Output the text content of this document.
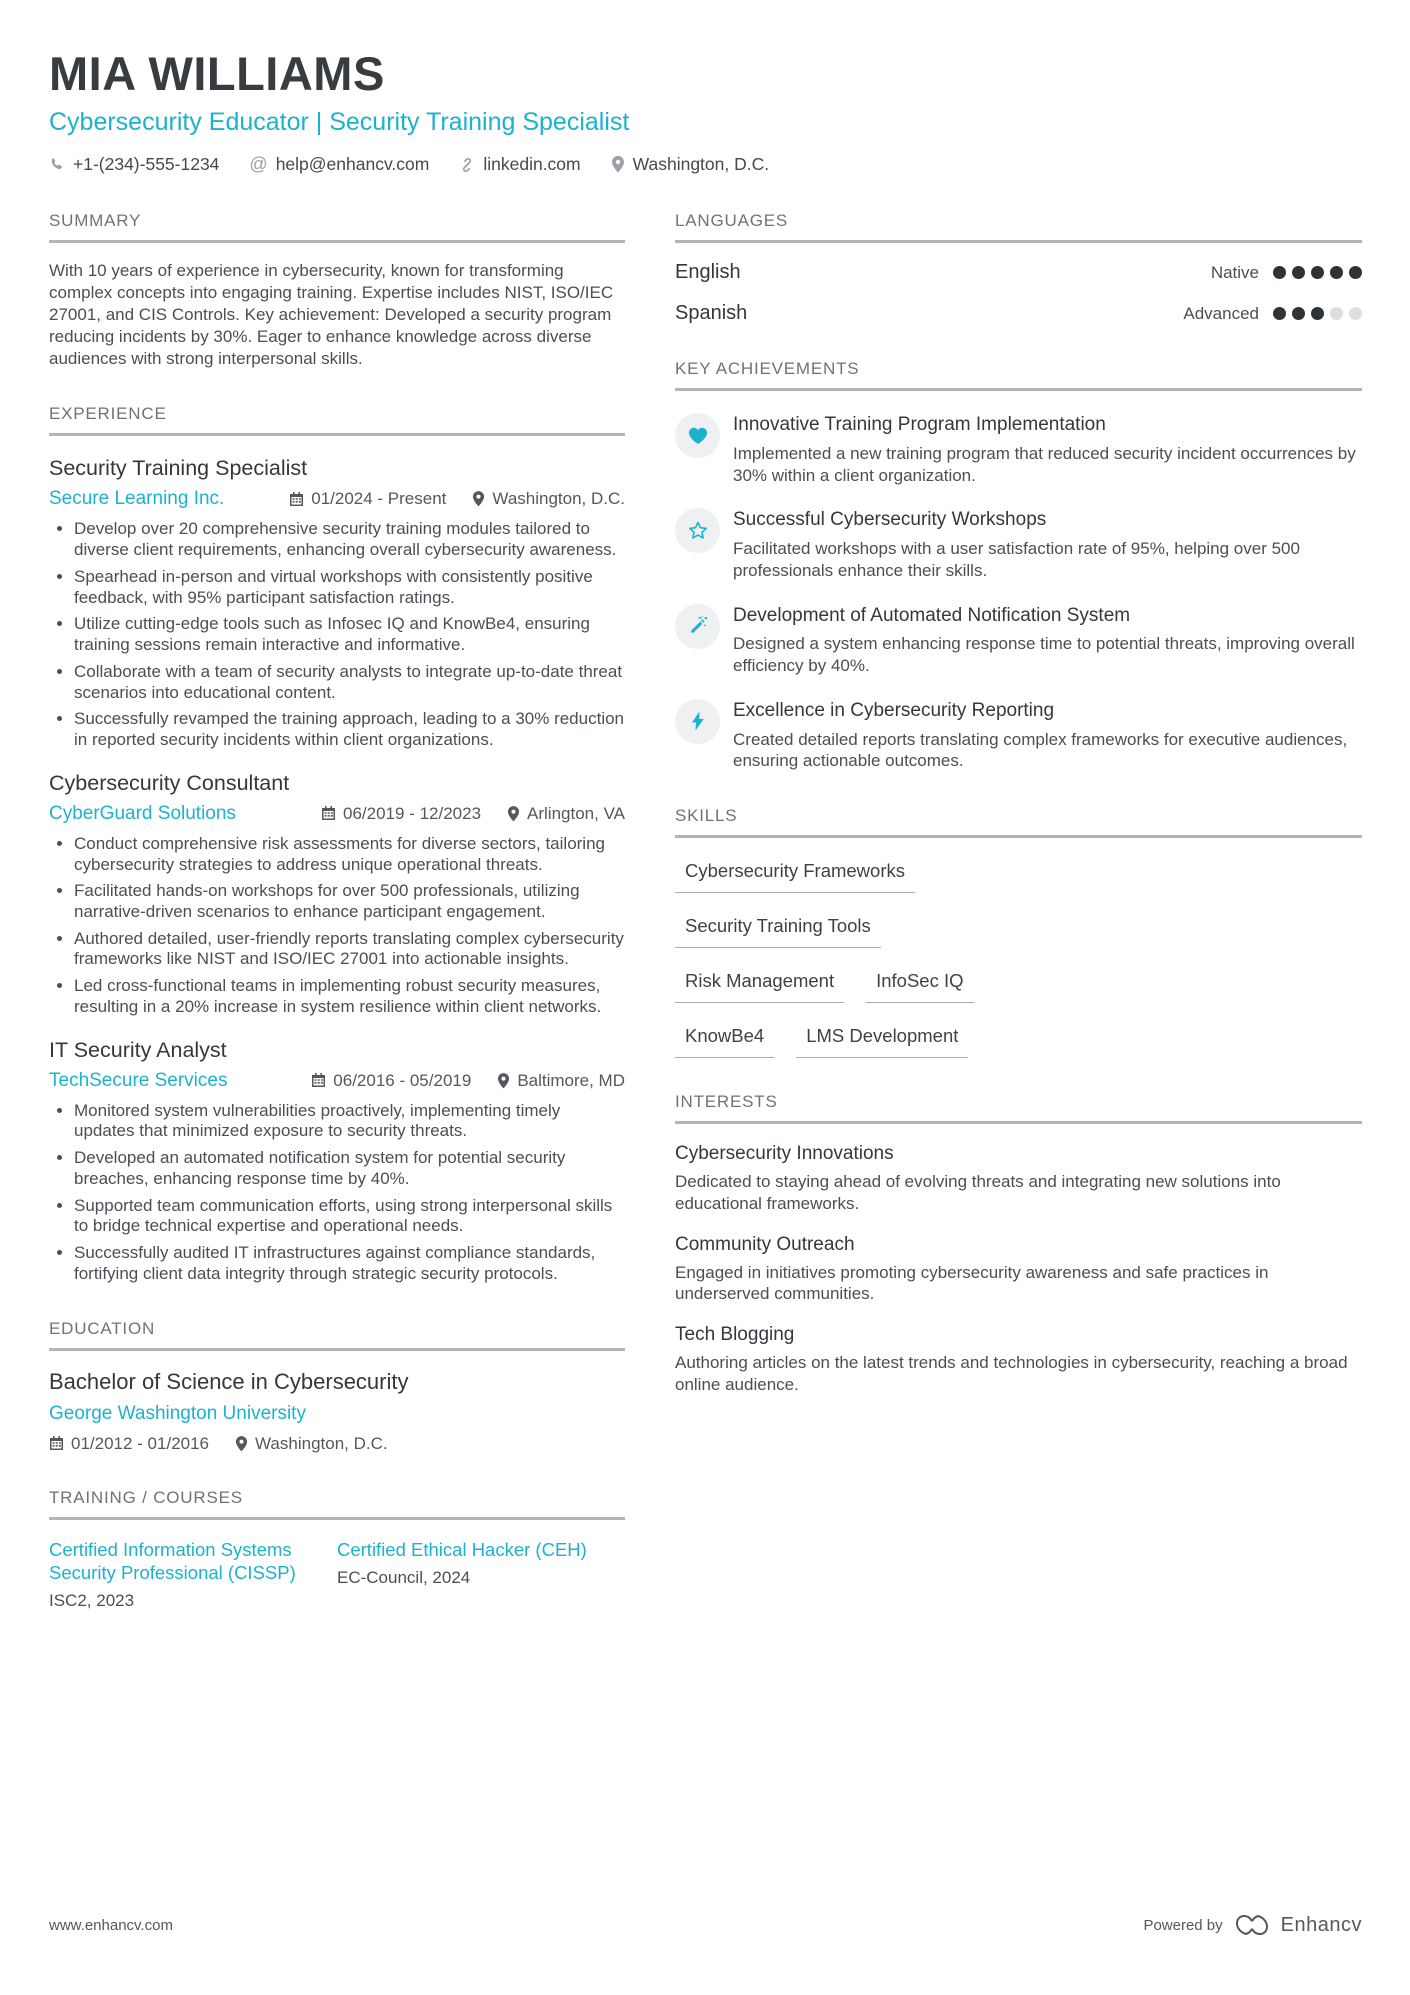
MIA WILLIAMS
Cybersecurity Educator | Security Training Specialist
+1-(234)-555-1234 @ help@enhancv.com	linkedin.com	Washington, D.C.
SUMMARY
With 10 years of experience in cybersecurity, known for transforming complex concepts into engaging training. Expertise includes NIST, ISO/IEC 27001, and CIS Controls. Key achievement: Developed a security program reducing incidents by 30%. Eager to enhance knowledge across diverse audiences with strong interpersonal skills.
EXPERIENCE
Security Training Specialist
Secure Learning Inc.	01/2024 - Present	Washington, D.C.
• Develop over 20 comprehensive security training modules tailored to diverse client requirements, enhancing overall cybersecurity awareness.
• Spearhead in-person and virtual workshops with consistently positive feedback, with 95% participant satisfaction ratings.
• Utilize cutting-edge tools such as Infosec IQ and KnowBe4, ensuring training sessions remain interactive and informative.
• Collaborate with a team of security analysts to integrate up-to-date threat scenarios into educational content.
• Successfully revamped the training approach, leading to a 30% reduction in reported security incidents within client organizations.
Cybersecurity Consultant
CyberGuard Solutions	06/2019 - 12/2023	Arlington, VA
• Conduct comprehensive risk assessments for diverse sectors, tailoring cybersecurity strategies to address unique operational threats.
• Facilitated hands-on workshops for over 500 professionals, utilizing narrative-driven scenarios to enhance participant engagement.
• Authored detailed, user-friendly reports translating complex cybersecurity frameworks like NIST and ISO/IEC 27001 into actionable insights.
• Led cross-functional teams in implementing robust security measures, resulting in a 20% increase in system resilience within client networks.
IT Security Analyst
TechSecure Services	06/2016 - 05/2019	Baltimore, MD
• Monitored system vulnerabilities proactively, implementing timely updates that minimized exposure to security threats.
• Developed an automated notification system for potential security breaches, enhancing response time by 40%.
• Supported team communication efforts, using strong interpersonal skills to bridge technical expertise and operational needs.
• Successfully audited IT infrastructures against compliance standards, fortifying client data integrity through strategic security protocols.
EDUCATION
Bachelor of Science in Cybersecurity
George Washington University
01/2012 - 01/2016	Washington, D.C.
TRAINING / COURSES
Certified Information Systems Security Professional (CISSP)
ISC2, 2023
Certified Ethical Hacker (CEH)
EC-Council, 2024
LANGUAGES
English	Native
Spanish	Advanced
KEY ACHIEVEMENTS
Innovative Training Program Implementation
Implemented a new training program that reduced security incident occurrences by 30% within a client organization.
Successful Cybersecurity Workshops
Facilitated workshops with a user satisfaction rate of 95%, helping over 500 professionals enhance their skills.
Development of Automated Notification System
Designed a system enhancing response time to potential threats, improving overall efficiency by 40%.
Excellence in Cybersecurity Reporting
Created detailed reports translating complex frameworks for executive audiences, ensuring actionable outcomes.
SKILLS
Cybersecurity Frameworks
Security Training Tools
Risk Management	InfoSec IQ
KnowBe4	LMS Development
INTERESTS
Cybersecurity Innovations
Dedicated to staying ahead of evolving threats and integrating new solutions into educational frameworks.
Community Outreach
Engaged in initiatives promoting cybersecurity awareness and safe practices in underserved communities.
Tech Blogging
Authoring articles on the latest trends and technologies in cybersecurity, reaching a broad online audience.
www.enhancv.com	Powered by	Enhancv
